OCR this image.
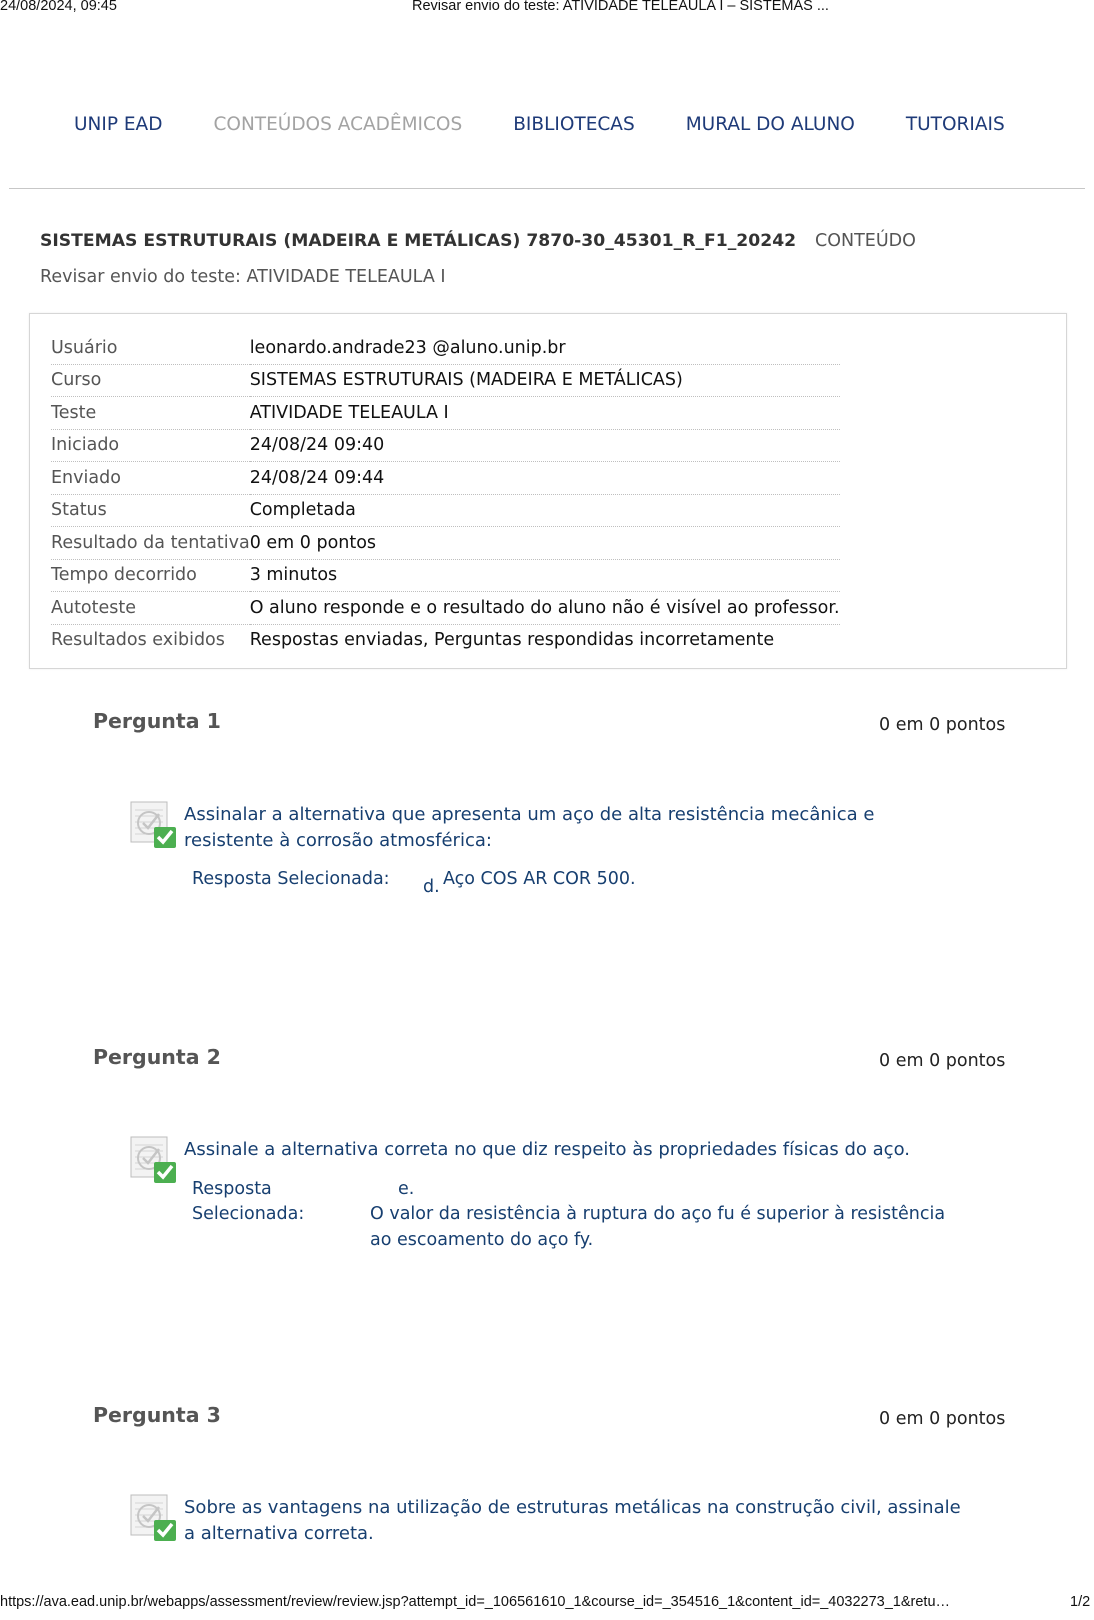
24/08/2024, 09:45	Revisar envio do teste: ATIVIDADE TELEAULA I – SISTEMAS ...
UNIP EAD	CONTEÚDOS ACADÊMICOS	BIBLIOTECAS	MURAL DO ALUNO	TUTORIAIS
SISTEMAS ESTRUTURAIS (MADEIRA E METÁLICAS) 7870-30_45301_R_F1_20242 CONTEÚDO
Revisar envio do teste: ATIVIDADE TELEAULA I
Usuário	leonardo.andrade23 @aluno.unip.br
Curso	SISTEMAS ESTRUTURAIS (MADEIRA E METÁLICAS)
Teste	ATIVIDADE TELEAULA I
Iniciado	24/08/24 09:40
Enviado	24/08/24 09:44
Status	Completada
Resultado da tentativa	0 em 0 pontos
Tempo decorrido	3 minutos
Autoteste	O aluno responde e o resultado do aluno não é visível ao professor.
Resultados exibidos	Respostas enviadas, Perguntas respondidas incorretamente
Pergunta 1	0 em 0 pontos
Assinalar a alternativa que apresenta um aço de alta resistência mecânica e resistente à corrosão atmosférica:
Resposta Selecionada: d. Aço COS AR COR 500.
Pergunta 2	0 em 0 pontos
Assinale a alternativa correta no que diz respeito às propriedades físicas do aço.
Resposta
Selecionada:
e.
O valor da resistência à ruptura do aço fu é superior à resistência ao escoamento do aço fy.
Pergunta 3	0 em 0 pontos
Sobre as vantagens na utilização de estruturas metálicas na construção civil, assinale a alternativa correta.
https://ava.ead.unip.br/webapps/assessment/review/review.jsp?attempt_id=_106561610_1&course_id=_354516_1&content_id=_4032273_1&retu…	1/2
